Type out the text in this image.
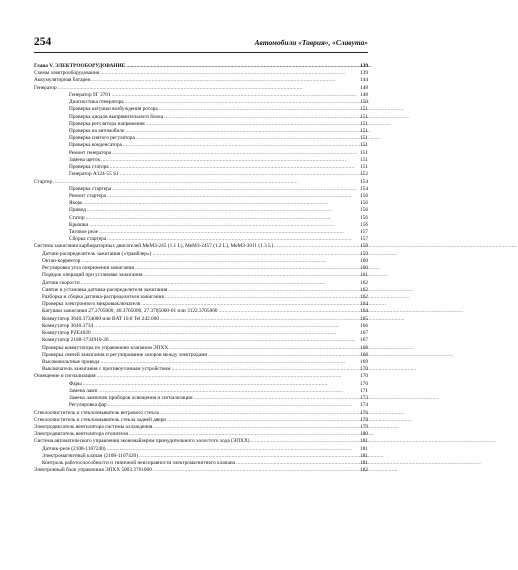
254	Автомобили «Таврия», «Славута»
Глава V. ЭЛЕКТРООБОРУДОВАНИЕ . . .	139
Схемы электрооборудования . . .	139
Аккумуляторная батарея . . .	144
Генератор . . .	148
Генератор 9Г 3701 . . .	148
Диагностика генератора . . .	150
Проверка катушки возбуждения ротора . . .	151
Проверка диодов выпрямительного блока . . .	151
Проверка регулятора напряжения . . .	151
Проверка на автомобиле . . .	151
Проверка снятого регулятора . . .	151
Проверка конденсатора . . .	151
Ремонт генератора . . .	151
Замена щеток . . .	151
Проверка статора . . .	151
Генератор А124-55 S1 . . .	152
Стартер . . .	154
Проверка стартера . . .	154
Ремонт стартера . . .	156
Якорь . . .	156
Привод . . .	156
Статор . . .	156
Крышки . . .	156
Тяговое реле . . .	157
Сборка стартера . . .	157
Система зажигания карбюраторных двигателей МеМЗ-245 (1.1 L), МеМЗ-2457 (1.2 L), МеМЗ-3011 (1.3 L) . . .	158
Датчик-распределитель зажигания («трамблер») . . .	159
Октан-корректор . . .	160
Регулировка угла опережения зажигания . . .	160
Порядок операций при установке зажигания . . .	161
Датчик скорости . . .	162
Снятие и установка датчика-распределителя зажигания . . .	162
Разборка и сборка датчика-распределителя зажигания . . .	162
Проверка электронного микровыключателя . . .	164
Катушки зажигания 27.3705000, 40.3705000, 27.3705000-01 или 3122.3705000 . . .	164
Коммутатор 3640.3734000 или BAT 10.8 Tel 242.000 . . .	165
Коммутатор 3640.3734 . . .	166
Коммутатор PZE4020 . . .	167
Коммутатор 2108-3734910-20 . . .	167
Проверка коммутатора по управлению клапаном ЭПХХ . . .	168
Проверка свечей зажигания и регулирование зазоров между электродами . . .	168
Высоковольтные провода . . .	169
Выключатель зажигания с противоугонным устройством . . .	170
Освещение и сигнализация . . .	170
Фары . . .	170
Замена ламп . . .	171
Замена лампочек приборов освещения и сигнализации . . .	173
Регулировка фар . . .	174
Стеклоочиститель и стеклоомыватель ветрового стекла . . .	176
Стеклоочиститель и стеклоомыватель стекла задней двери . . .	178
Электродвигатель вентилятора системы охлаждения . . .	179
Электродвигатель вентилятора отопителя . . .	180
Система автоматического управления экономайзером принудительного холостого хода (ЭПХХ) . . .	181
Датчик-реле (2108-1107240) . . .	181
Электромагнитный клапан (2108-1107420) . . .	181
Контроль работоспособности и типичной неисправности электромагнитного клапана . . .	181
Электронный блок управления ЭПХХ 5003.3761000 . . .	182
